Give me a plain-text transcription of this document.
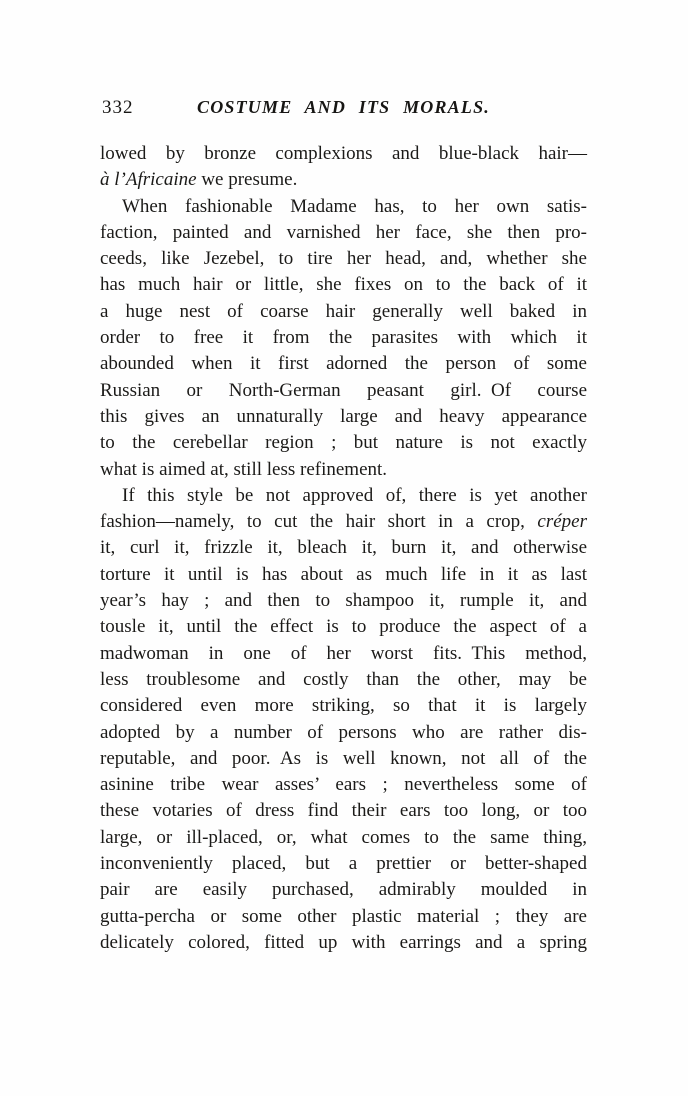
332	COSTUME AND ITS MORALS.
lowed by bronze complexions and blue-black hair—
à l’Africaine we presume.
When fashionable Madame has, to her own satis-
faction, painted and varnished her face, she then pro-
ceeds, like Jezebel, to tire her head, and, whether she
has much hair or little, she fixes on to the back of it
a huge nest of coarse hair generally well baked in
order to free it from the parasites with which it
abounded when it first adorned the person of some
Russian or North-German peasant girl. Of course
this gives an unnaturally large and heavy appearance
to the cerebellar region ; but nature is not exactly
what is aimed at, still less refinement.
If this style be not approved of, there is yet another
fashion—namely, to cut the hair short in a crop, créper
it, curl it, frizzle it, bleach it, burn it, and otherwise
torture it until is has about as much life in it as last
year’s hay ; and then to shampoo it, rumple it, and
tousle it, until the effect is to produce the aspect of a
madwoman in one of her worst fits. This method,
less troublesome and costly than the other, may be
considered even more striking, so that it is largely
adopted by a number of persons who are rather dis-
reputable, and poor. As is well known, not all of the
asinine tribe wear asses’ ears ; nevertheless some of
these votaries of dress find their ears too long, or too
large, or ill-placed, or, what comes to the same thing,
inconveniently placed, but a prettier or better-shaped
pair are easily purchased, admirably moulded in
gutta-percha or some other plastic material ; they are
delicately colored, fitted up with earrings and a spring
